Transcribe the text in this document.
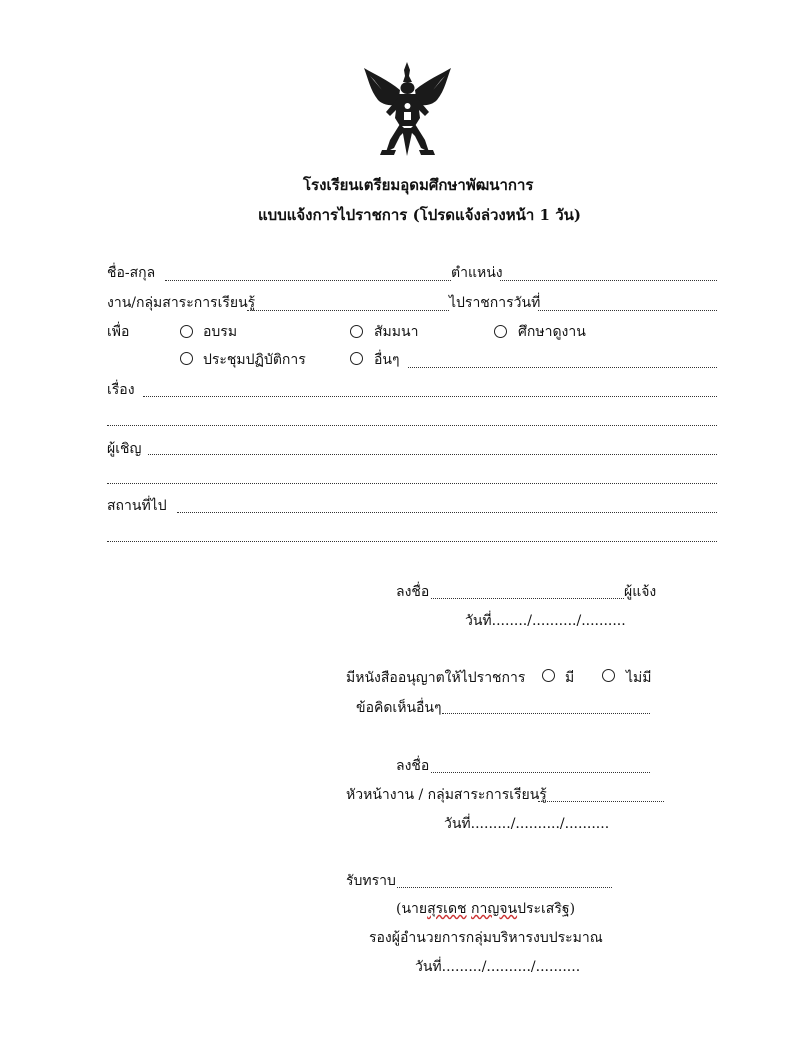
โรงเรียนเตรียมอุดมศึกษาพัฒนาการ
แบบแจ้งการไปราชการ (โปรดแจ้งล่วงหน้า 1 วัน)
ชื่อ-สกุล	ตำแหน่ง
งาน/กลุ่มสาระการเรียนรู้	ไปราชการวันที่
เพื่อ	อบรม	สัมมนา	ศึกษาดูงาน
ประชุมปฏิบัติการ	อื่นๆ
เรื่อง
ผู้เชิญ
สถานที่ไป
ลงชื่อ	ผู้แจ้ง
วันที่......../........../..........
มีหนังสืออนุญาตให้ไปราชการ	มี	ไม่มี
ข้อคิดเห็นอื่นๆ
ลงชื่อ
หัวหน้างาน / กลุ่มสาระการเรียนรู้
วันที่........./........../..........
รับทราบ
(นายสุรเดช กาญจนประเสริฐ)
รองผู้อำนวยการกลุ่มบริหารงบประมาณ
วันที่........./........../..........
